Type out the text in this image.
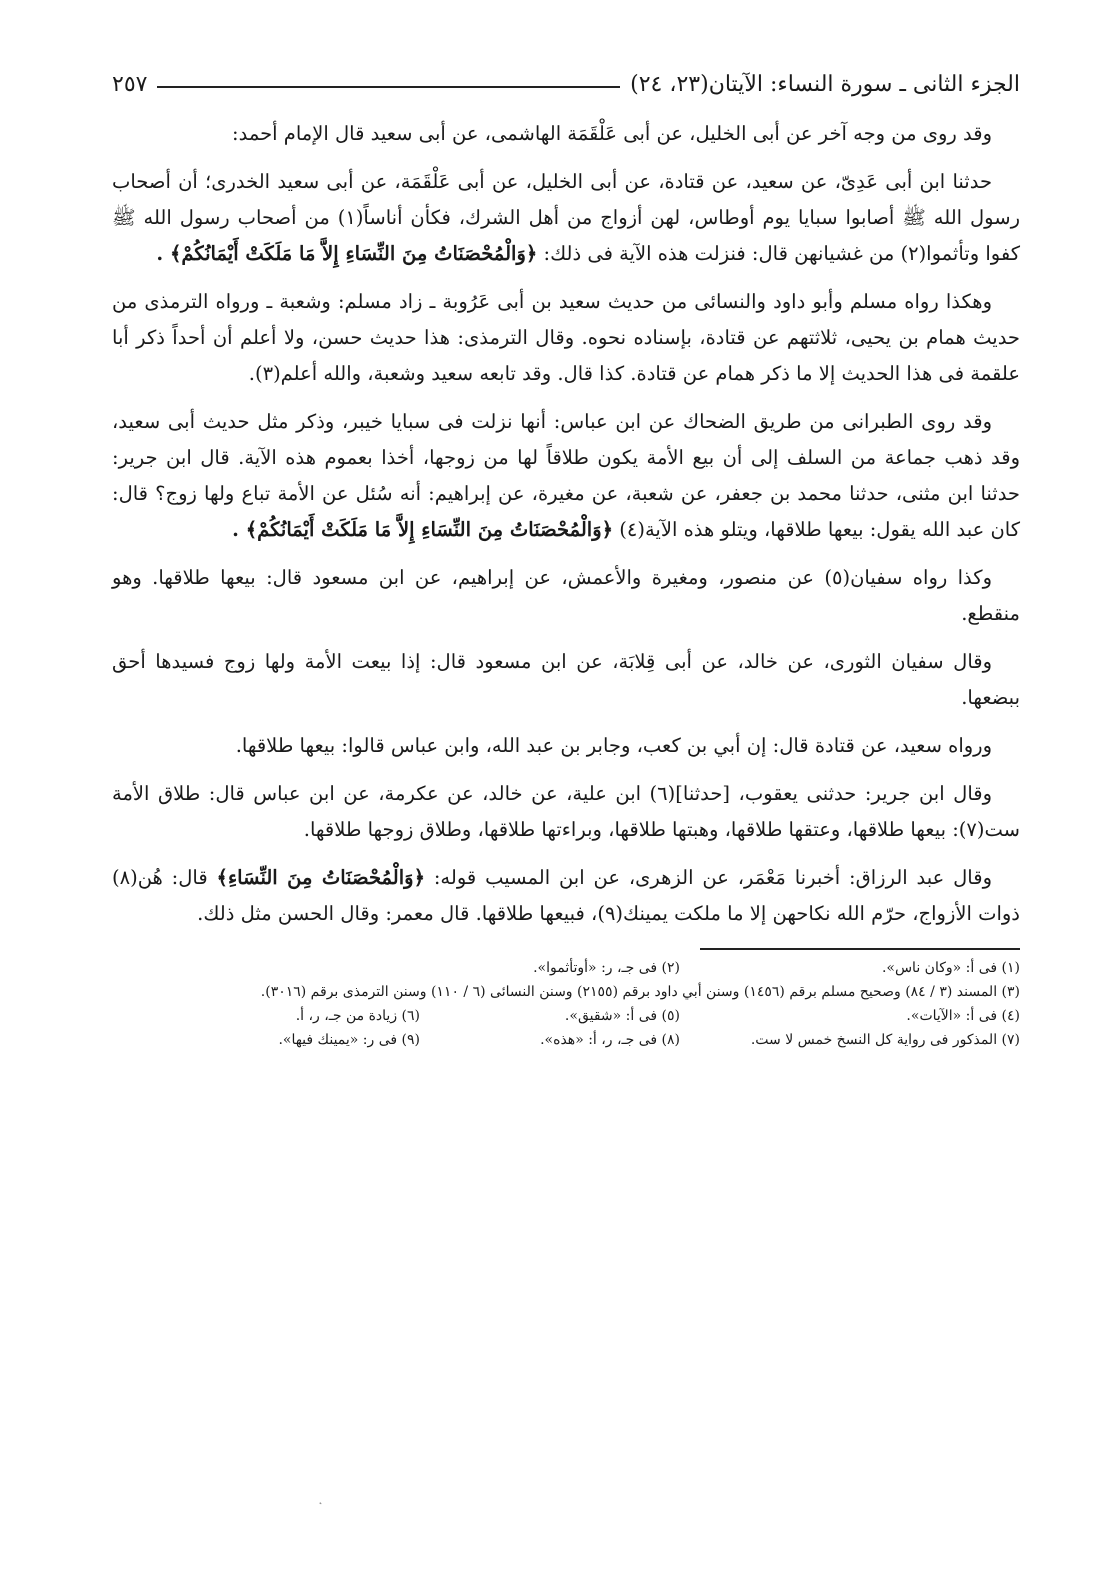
الجزء الثانى ـ سورة النساء: الآيتان(٢٣، ٢٤)
٢٥٧

وقد روى من وجه آخر عن أبى الخليل، عن أبى عَلْقَمَة الهاشمى، عن أبى سعيد قال الإمام أحمد:

حدثنا ابن أبى عَدِىّ، عن سعيد، عن قتادة، عن أبى الخليل، عن أبى عَلْقَمَة، عن أبى سعيد الخدرى؛ أن أصحاب رسول الله ﷺ أصابوا سبايا يوم أوطاس، لهن أزواج من أهل الشرك، فكأن أناساً(١) من أصحاب رسول الله ﷺ كفوا وتأثموا(٢) من غشيانهن قال: فنزلت هذه الآية فى ذلك: ﴿وَالْمُحْصَنَاتُ مِنَ النِّسَاءِ إِلاَّ مَا مَلَكَتْ أَيْمَانُكُمْ﴾ .

وهكذا رواه مسلم وأبو داود والنسائى من حديث سعيد بن أبى عَرُوبة ـ زاد مسلم: وشعبة ـ ورواه الترمذى من حديث همام بن يحيى، ثلاثتهم عن قتادة، بإسناده نحوه. وقال الترمذى: هذا حديث حسن، ولا أعلم أن أحداً ذكر أبا علقمة فى هذا الحديث إلا ما ذكر همام عن قتادة. كذا قال. وقد تابعه سعيد وشعبة، والله أعلم(٣).

وقد روى الطبرانى من طريق الضحاك عن ابن عباس: أنها نزلت فى سبايا خيبر، وذكر مثل حديث أبى سعيد، وقد ذهب جماعة من السلف إلى أن بيع الأمة يكون طلاقاً لها من زوجها، أخذا بعموم هذه الآية. قال ابن جرير: حدثنا ابن مثنى، حدثنا محمد بن جعفر، عن شعبة، عن مغيرة، عن إبراهيم: أنه سُئل عن الأمة تباع ولها زوج؟ قال: كان عبد الله يقول: بيعها طلاقها، ويتلو هذه الآية(٤) ﴿وَالْمُحْصَنَاتُ مِنَ النِّسَاءِ إِلاَّ مَا مَلَكَتْ أَيْمَانُكُمْ﴾ .

وكذا رواه سفيان(٥) عن منصور، ومغيرة والأعمش، عن إبراهيم، عن ابن مسعود قال: بيعها طلاقها. وهو منقطع.

وقال سفيان الثورى، عن خالد، عن أبى قِلابَة، عن ابن مسعود قال: إذا بيعت الأمة ولها زوج فسيدها أحق ببضعها.

ورواه سعيد، عن قتادة قال: إن أبي بن كعب، وجابر بن عبد الله، وابن عباس قالوا: بيعها طلاقها.

وقال ابن جرير: حدثنى يعقوب، [حدثنا](٦) ابن علية، عن خالد، عن عكرمة، عن ابن عباس قال: طلاق الأمة ست(٧): بيعها طلاقها، وعتقها طلاقها، وهبتها طلاقها، وبراءتها طلاقها، وطلاق زوجها طلاقها.

وقال عبد الرزاق: أخبرنا مَعْمَر، عن الزهرى، عن ابن المسيب قوله: ﴿وَالْمُحْصَنَاتُ مِنَ النِّسَاءِ﴾ قال: هُن(٨) ذوات الأزواج، حرّم الله نكاحهن إلا ما ملكت يمينك(٩)، فبيعها طلاقها. قال معمر: وقال الحسن مثل ذلك.

(١) فى أ: «وكان ناس».
(٢) فى جـ، ر: «أوتأثموا».
(٣) المسند (٣ / ٨٤) وصحيح مسلم برقم (١٤٥٦) وسنن أبي داود برقم (٢١٥٥) وسنن النسائى (٦ / ١١٠) وسنن الترمذى برقم (٣٠١٦).
(٤) فى أ: «الآيات».
(٥) فى أ: «شقيق».
(٦) زيادة من جـ، ر، أ.
(٧) المذكور فى رواية كل النسخ خمس لا ست.
(٨) فى جـ، ر، أ: «هذه».
(٩) فى ر: «يمينك فيها».
˛
